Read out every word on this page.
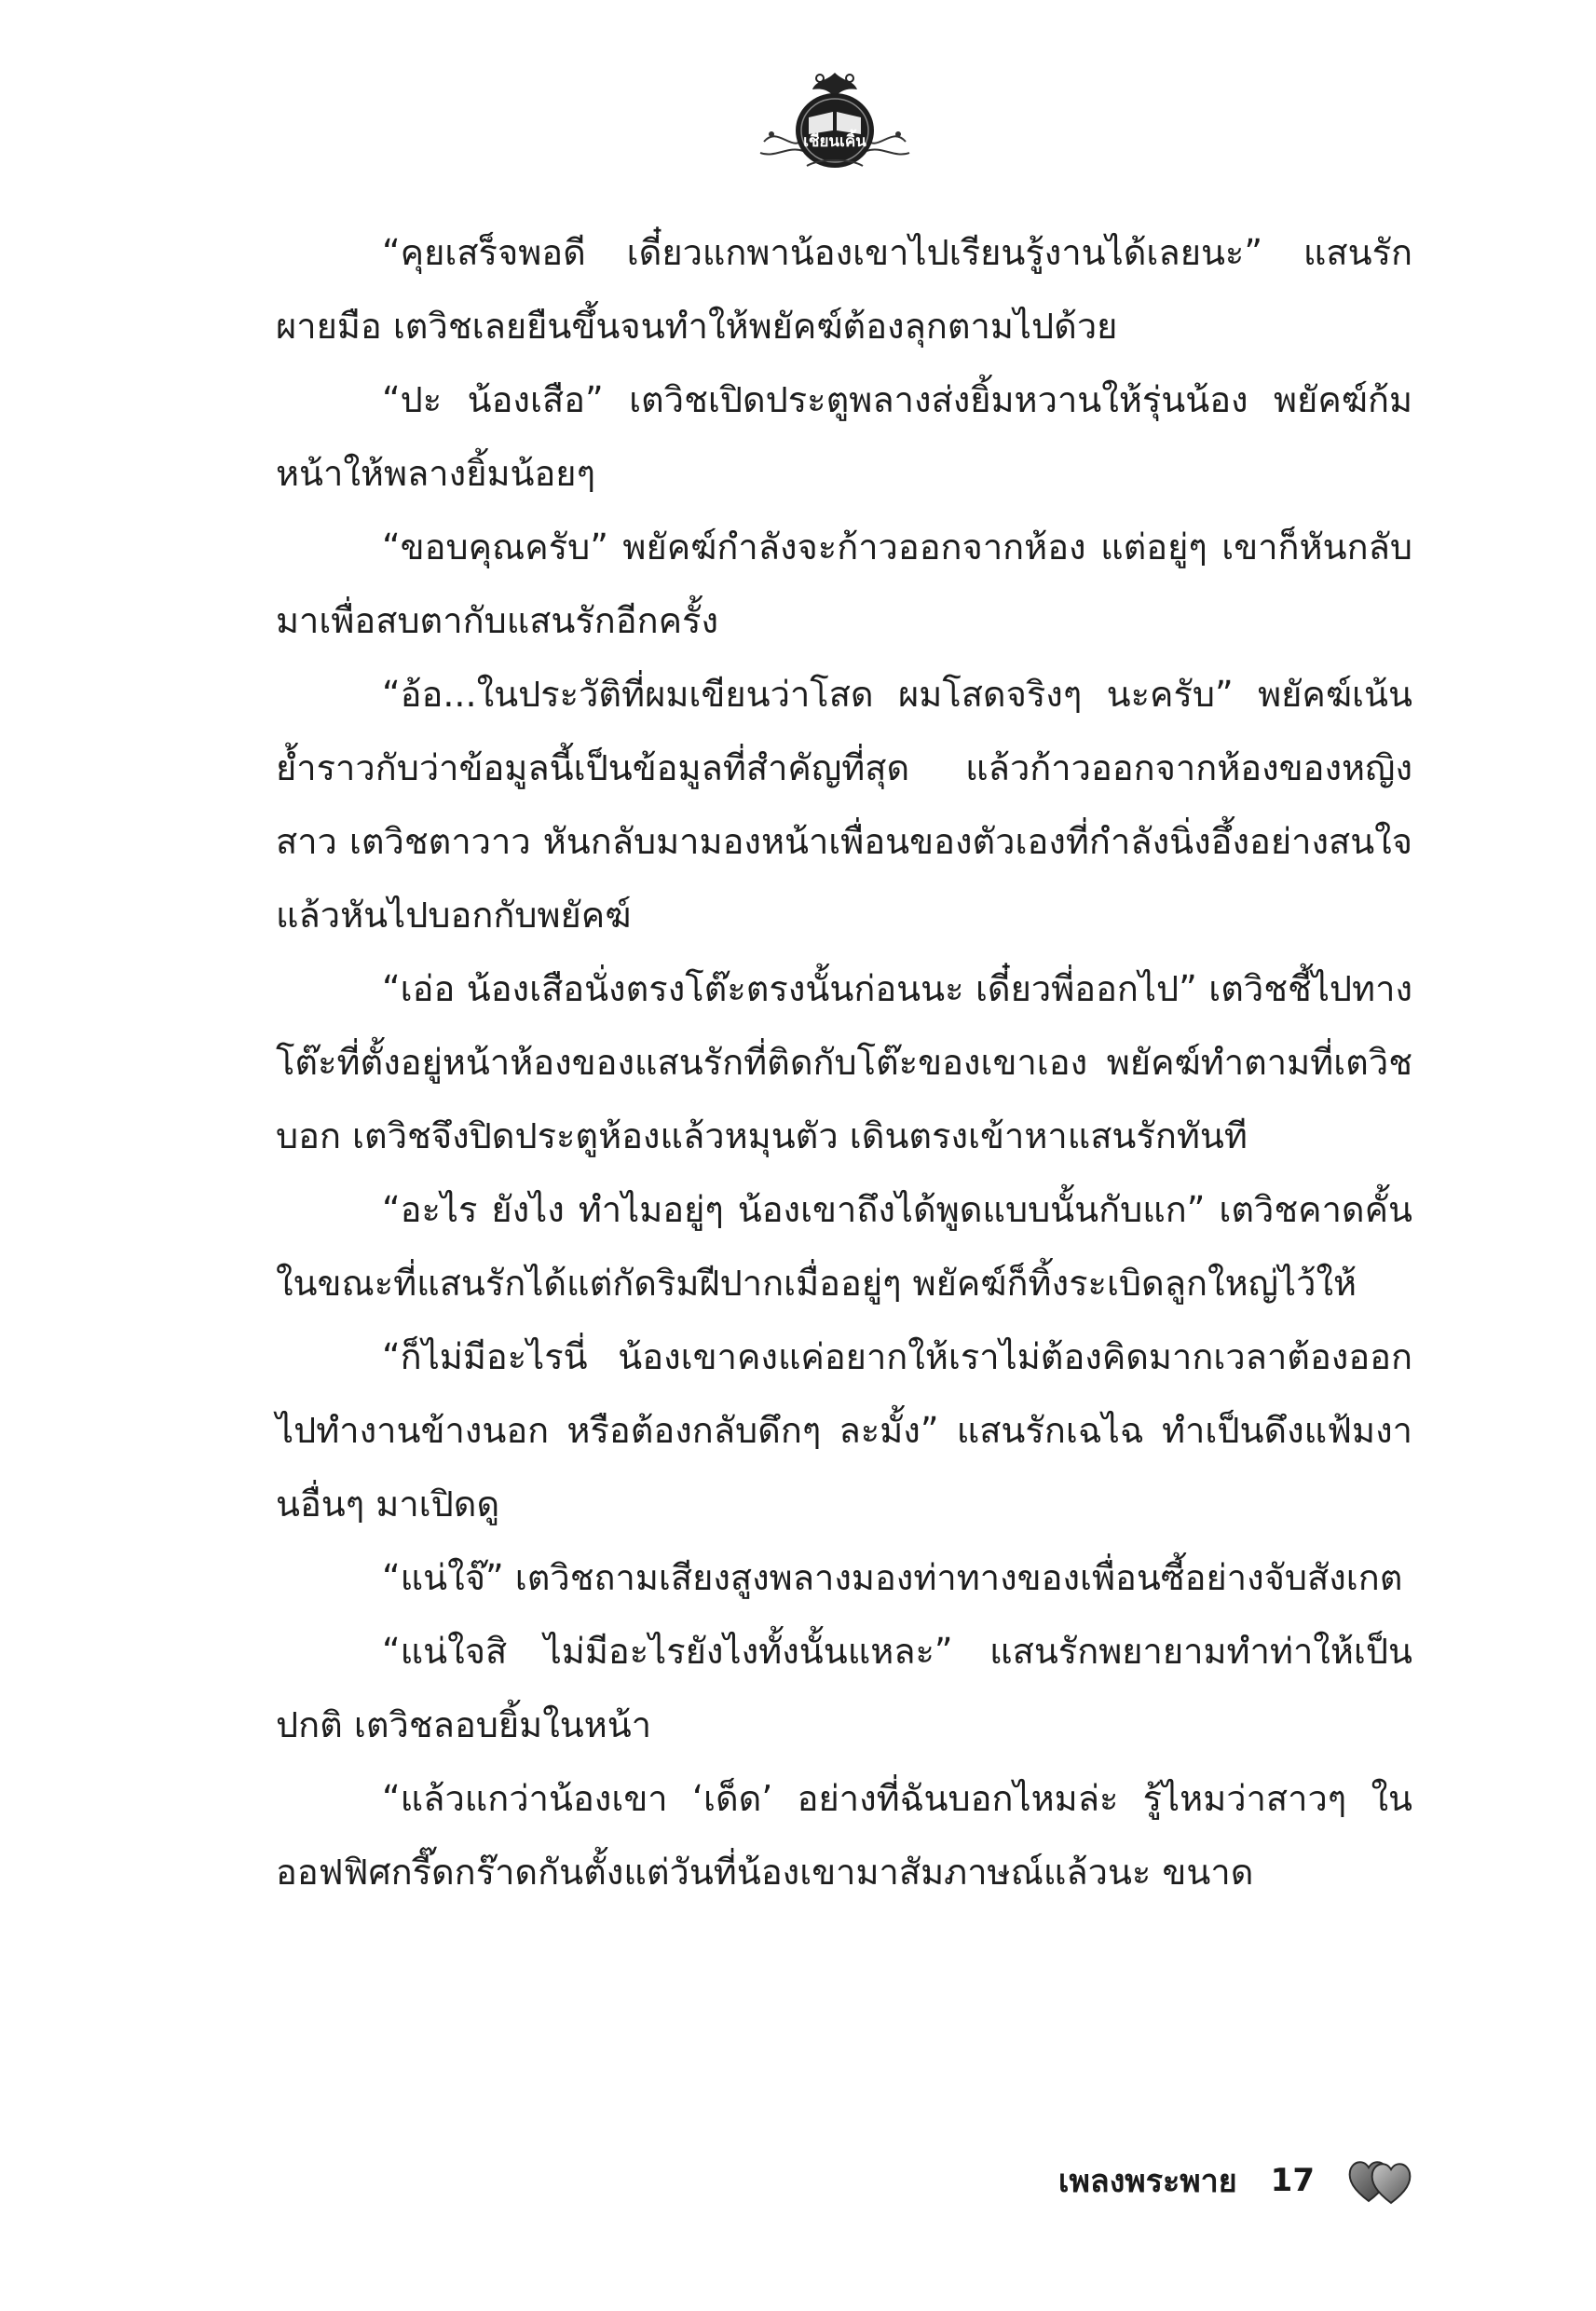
เชียนเคิ้น

“คุยเสร็จพอดี เดี๋ยวแกพาน้องเขาไปเรียนรู้งานได้เลยนะ” แสนรักผายมือ เตวิชเลยยืนขึ้นจนทำให้พยัคฆ์ต้องลุกตามไปด้วย

“ปะ น้องเสือ” เตวิชเปิดประตูพลางส่งยิ้มหวานให้รุ่นน้อง พยัคฆ์ก้มหน้าให้พลางยิ้มน้อยๆ

“ขอบคุณครับ” พยัคฆ์กำลังจะก้าวออกจากห้อง แต่อยู่ๆ เขาก็หันกลับมาเพื่อสบตากับแสนรักอีกครั้ง

“อ้อ...ในประวัติที่ผมเขียนว่าโสด ผมโสดจริงๆ นะครับ” พยัคฆ์เน้นย้ำราวกับว่าข้อมูลนี้เป็นข้อมูลที่สำคัญที่สุด แล้วก้าวออกจากห้องของหญิงสาว เตวิชตาวาว หันกลับมามองหน้าเพื่อนของตัวเองที่กำลังนิ่งอึ้งอย่างสนใจ แล้วหันไปบอกกับพยัคฆ์

“เอ่อ น้องเสือนั่งตรงโต๊ะตรงนั้นก่อนนะ เดี๋ยวพี่ออกไป” เตวิชชี้ไปทางโต๊ะที่ตั้งอยู่หน้าห้องของแสนรักที่ติดกับโต๊ะของเขาเอง พยัคฆ์ทำตามที่เตวิชบอก เตวิชจึงปิดประตูห้องแล้วหมุนตัว เดินตรงเข้าหาแสนรักทันที

“อะไร ยังไง ทำไมอยู่ๆ น้องเขาถึงได้พูดแบบนั้นกับแก” เตวิชคาดคั้นในขณะที่แสนรักได้แต่กัดริมฝีปากเมื่ออยู่ๆ พยัคฆ์ก็ทิ้งระเบิดลูกใหญ่ไว้ให้

“ก็ไม่มีอะไรนี่ น้องเขาคงแค่อยากให้เราไม่ต้องคิดมากเวลาต้องออกไปทำงานข้างนอก หรือต้องกลับดึกๆ ละมั้ง” แสนรักเฉไฉ ทำเป็นดึงแฟ้มงานอื่นๆ มาเปิดดู

“แน่ใจ๊” เตวิชถามเสียงสูงพลางมองท่าทางของเพื่อนซี้อย่างจับสังเกต

“แน่ใจสิ ไม่มีอะไรยังไงทั้งนั้นแหละ” แสนรักพยายามทำท่าให้เป็นปกติ เตวิชลอบยิ้มในหน้า

“แล้วแกว่าน้องเขา ‘เด็ด’ อย่างที่ฉันบอกไหมล่ะ รู้ไหมว่าสาวๆ ในออฟฟิศกรี๊ดกร๊าดกันตั้งแต่วันที่น้องเขามาสัมภาษณ์แล้วนะ ขนาด

เพลงพระพาย 17
